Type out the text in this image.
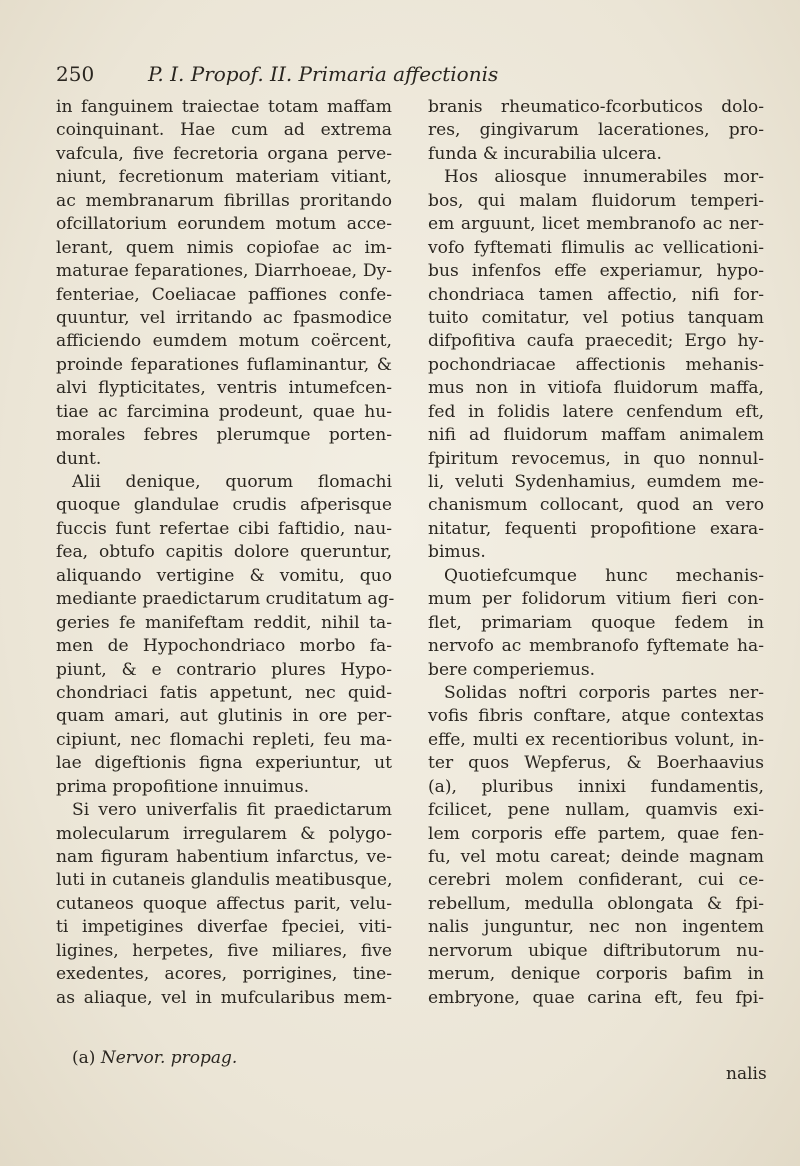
250	P. I. Propof. II. Primaria affectionis
in fanguinem traiectae totam maffam
coinquinant. Hae cum ad extrema
vafcula, five fecretoria organa perve-
niunt, fecretionum materiam vitiant,
ac membranarum fibrillas proritando
ofcillatorium eorundem motum acce-
lerant, quem nimis copiofae ac im-
maturae feparationes, Diarrhoeae, Dy-
fenteriae, Coeliacae paffiones confe-
quuntur, vel irritando ac fpasmodice
afficiendo eumdem motum coërcent,
proinde feparationes fuflaminantur, &
alvi flypticitates, ventris intumefcen-
tiae ac farcimina prodeunt, quae hu-
morales febres plerumque porten-
dunt.
Alii denique, quorum flomachi
quoque glandulae crudis afperisque
fuccis funt refertae cibi faftidio, nau-
fea, obtufo capitis dolore queruntur,
aliquando vertigine & vomitu, quo
mediante praedictarum cruditatum ag-
geries fe manifeftam reddit, nihil ta-
men de Hypochondriaco morbo fa-
piunt, & e contrario plures Hypo-
chondriaci fatis appetunt, nec quid-
quam amari, aut glutinis in ore per-
cipiunt, nec flomachi repleti, feu ma-
lae digeftionis figna experiuntur, ut
prima propofitione innuimus.
Si vero univerfalis fit praedictarum
molecularum irregularem & polygo-
nam figuram habentium infarctus, ve-
luti in cutaneis glandulis meatibusque,
cutaneos quoque affectus parit, velu-
ti impetigines diverfae fpeciei, viti-
ligines, herpetes, five miliares, five
exedentes, acores, porrigines, tine-
as aliaque, vel in mufcularibus mem-
branis rheumatico-fcorbuticos dolo-
res, gingivarum lacerationes, pro-
funda & incurabilia ulcera.
Hos aliosque innumerabiles mor-
bos, qui malam fluidorum temperi-
em arguunt, licet membranofo ac ner-
vofo fyftemati flimulis ac vellicationi-
bus infenfos effe experiamur, hypo-
chondriaca tamen affectio, nifi for-
tuito comitatur, vel potius tanquam
difpofitiva caufa praecedit; Ergo hy-
pochondriacae affectionis mehanis-
mus non in vitiofa fluidorum maffa,
fed in folidis latere cenfendum eft,
nifi ad fluidorum maffam animalem
fpiritum revocemus, in quo nonnul-
li, veluti Sydenhamius, eumdem me-
chanismum collocant, quod an vero
nitatur, fequenti propofitione exara-
bimus.
Quotiefcumque hunc mechanis-
mum per folidorum vitium fieri con-
flet, primariam quoque fedem in
nervofo ac membranofo fyftemate ha-
bere comperiemus.
Solidas noftri corporis partes ner-
vofis fibris conftare, atque contextas
effe, multi ex recentioribus volunt, in-
ter quos Wepferus, & Boerhaavius
(a), pluribus innixi fundamentis,
fcilicet, pene nullam, quamvis exi-
lem corporis effe partem, quae fen-
fu, vel motu careat; deinde magnam
cerebri molem confiderant, cui ce-
rebellum, medulla oblongata & fpi-
nalis junguntur, nec non ingentem
nervorum ubique diftributorum nu-
merum, denique corporis bafim in
embryone, quae carina eft, feu fpi-
(a) Nervor. propag.
nalis
